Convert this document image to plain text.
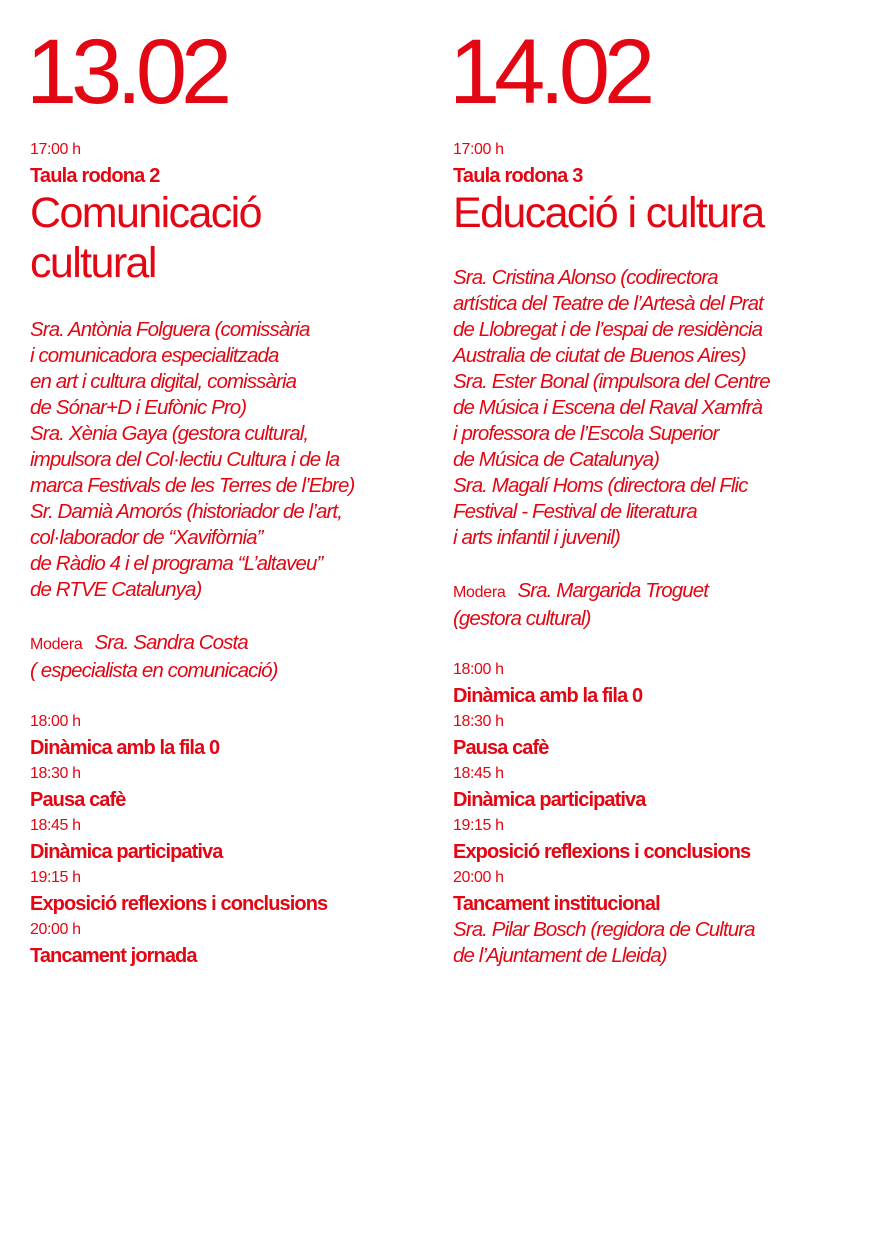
13.02
17:00 h
Taula rodona 2
Comunicació
cultural
Sra. Antònia Folguera (comissària
i comunicadora especialitzada
en art i cultura digital, comissària
de Sónar+D i Eufònic Pro)
Sra. Xènia Gaya (gestora cultural,
impulsora del Col·lectiu Cultura i de la
marca Festivals de les Terres de l’Ebre)
Sr. Damià Amorós (historiador de l’art,
col·laborador de “Xavifòrnia”
de Ràdio 4 i el programa “L’altaveu”
de RTVE Catalunya)
Modera Sra. Sandra Costa
( especialista en comunicació)
18:00 h
Dinàmica amb la fila 0
18:30 h
Pausa cafè
18:45 h
Dinàmica participativa
19:15 h
Exposició reflexions i conclusions
20:00 h
Tancament jornada
14.02
17:00 h
Taula rodona 3
Educació i cultura
Sra. Cristina Alonso (codirectora
artística del Teatre de l’Artesà del Prat
de Llobregat i de l’espai de residència
Australia de ciutat de Buenos Aires)
Sra. Ester Bonal (impulsora del Centre
de Música i Escena del Raval Xamfrà
i professora de l’Escola Superior
de Música de Catalunya)
Sra. Magalí Homs (directora del Flic
Festival - Festival de literatura
i arts infantil i juvenil)
Modera Sra. Margarida Troguet
(gestora cultural)
18:00 h
Dinàmica amb la fila 0
18:30 h
Pausa cafè
18:45 h
Dinàmica participativa
19:15 h
Exposició reflexions i conclusions
20:00 h
Tancament institucional
Sra. Pilar Bosch (regidora de Cultura
de l’Ajuntament de Lleida)
